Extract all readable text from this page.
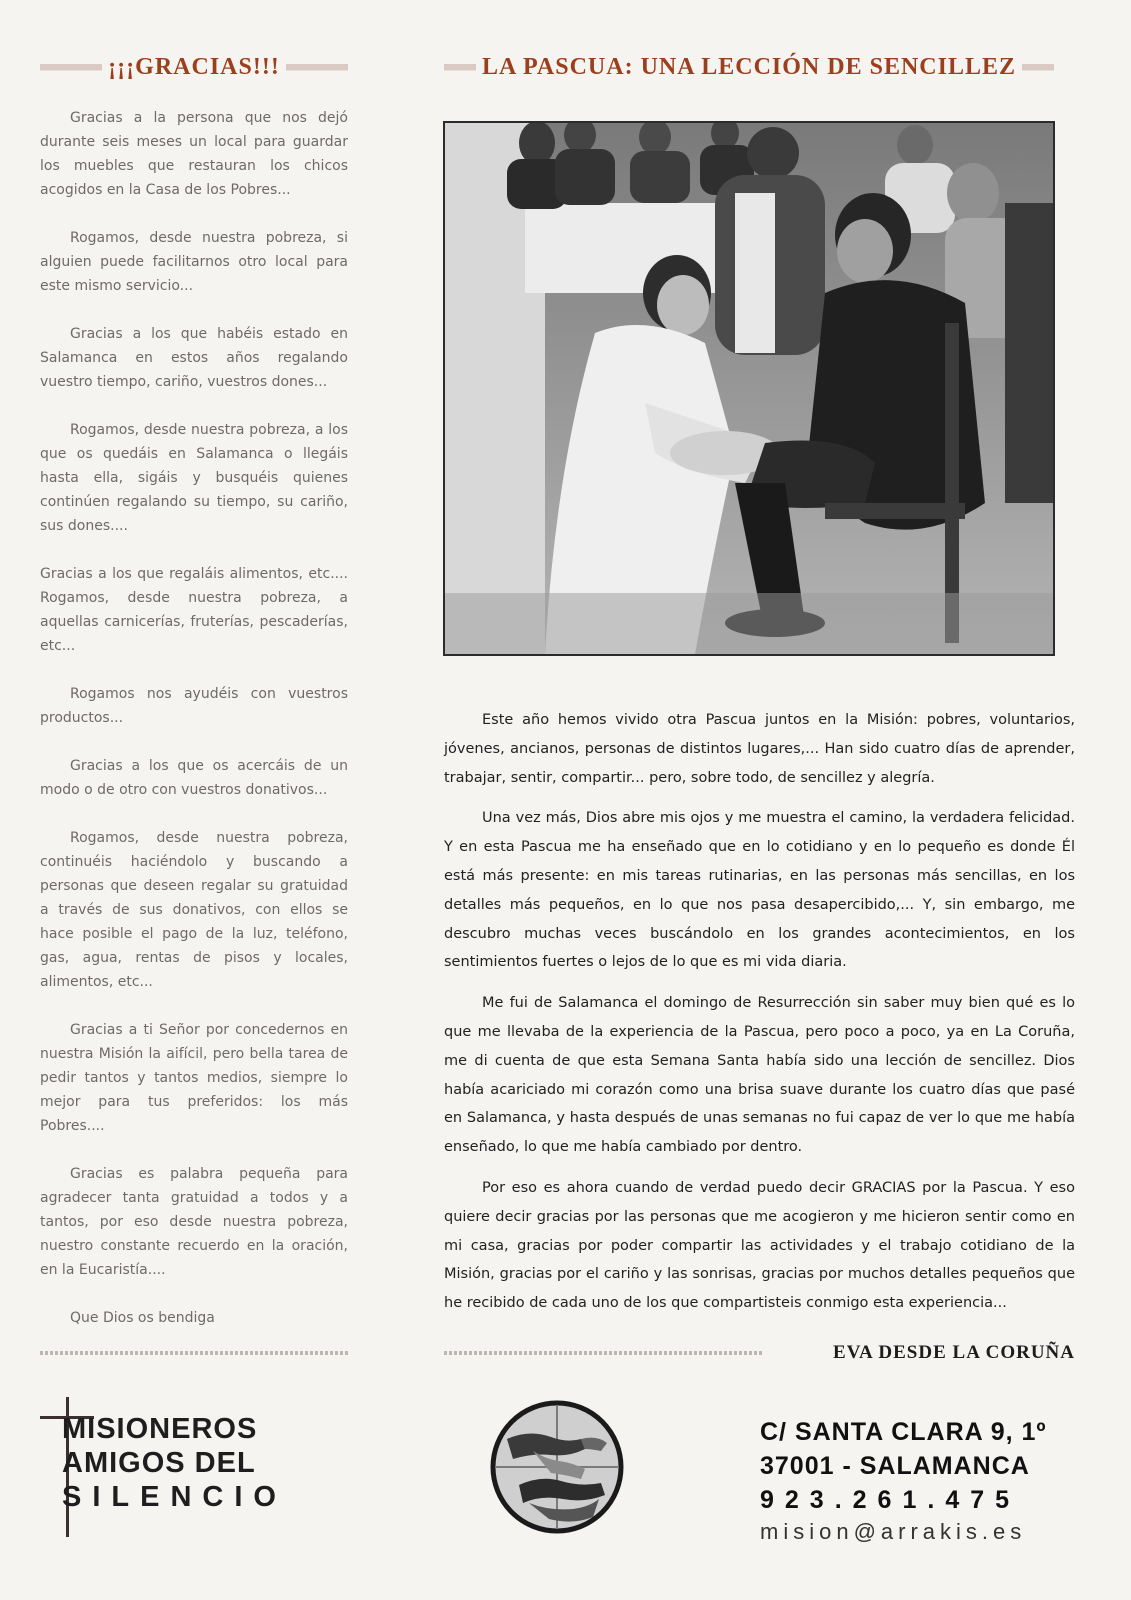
¡¡¡GRACIAS!!!

Gracias a la persona que nos dejó durante seis meses un local para guardar los muebles que restauran los chicos acogidos en la Casa de los Pobres...

Rogamos, desde nuestra pobreza, si alguien puede facilitarnos otro local para este mismo servicio...

Gracias a los que habéis estado en Salamanca en estos años regalando vuestro tiempo, cariño, vuestros dones...

Rogamos, desde nuestra pobreza, a los que os quedáis en Salamanca o llegáis hasta ella, sigáis y busquéis quienes continúen regalando su tiempo, su cariño, sus dones....

Gracias a los que regaláis alimentos, etc.... Rogamos, desde nuestra pobreza, a aquellas carnicerías, fruterías, pescaderías, etc...

Rogamos nos ayudéis con vuestros productos...

Gracias a los que os acercáis de un modo o de otro con vuestros donativos...

Rogamos, desde nuestra pobreza, continuéis haciéndolo y buscando a personas que deseen regalar su gratuidad a través de sus donativos, con ellos se hace posible el pago de la luz, teléfono, gas, agua, rentas de pisos y locales, alimentos, etc...

Gracias a ti Señor por concedernos en nuestra Misión la aifícil, pero bella tarea de pedir tantos y tantos medios, siempre lo mejor para tus preferidos: los más Pobres....

Gracias es palabra pequeña para agradecer tanta gratuidad a todos y a tantos, por eso desde nuestra pobreza, nuestro constante recuerdo en la oración, en la Eucaristía....

Que Dios os bendiga

LA PASCUA: UNA LECCIÓN DE SENCILLEZ

Este año hemos vivido otra Pascua juntos en la Misión: pobres, voluntarios, jóvenes, ancianos, personas de distintos lugares,... Han sido cuatro días de aprender, trabajar, sentir, compartir... pero, sobre todo, de sencillez y alegría.

Una vez más, Dios abre mis ojos y me muestra el camino, la verdadera felicidad. Y en esta Pascua me ha enseñado que en lo cotidiano y en lo pequeño es donde Él está más presente: en mis tareas rutinarias, en las personas más sencillas, en los detalles más pequeños, en lo que nos pasa desapercibido,... Y, sin embargo, me descubro muchas veces buscándolo en los grandes acontecimientos, en los sentimientos fuertes o lejos de lo que es mi vida diaria.

Me fui de Salamanca el domingo de Resurrección sin saber muy bien qué es lo que me llevaba de la experiencia de la Pascua, pero poco a poco, ya en La Coruña, me di cuenta de que esta Semana Santa había sido una lección de sencillez. Dios había acariciado mi corazón como una brisa suave durante los cuatro días que pasé en Salamanca, y hasta después de unas semanas no fui capaz de ver lo que me había enseñado, lo que me había cambiado por dentro.

Por eso es ahora cuando de verdad puedo decir GRACIAS por la Pascua. Y eso quiere decir gracias por las personas que me acogieron y me hicieron sentir como en mi casa, gracias por poder compartir las actividades y el trabajo cotidiano de la Misión, gracias por el cariño y las sonrisas, gracias por muchos detalles pequeños que he recibido de cada uno de los que compartisteis conmigo esta experiencia...

EVA DESDE LA CORUÑA
MISIONEROS
AMIGOS DEL
SILENCIO
C/ SANTA CLARA 9, 1º
37001 - SALAMANCA
923.261.475
mision@arrakis.es
